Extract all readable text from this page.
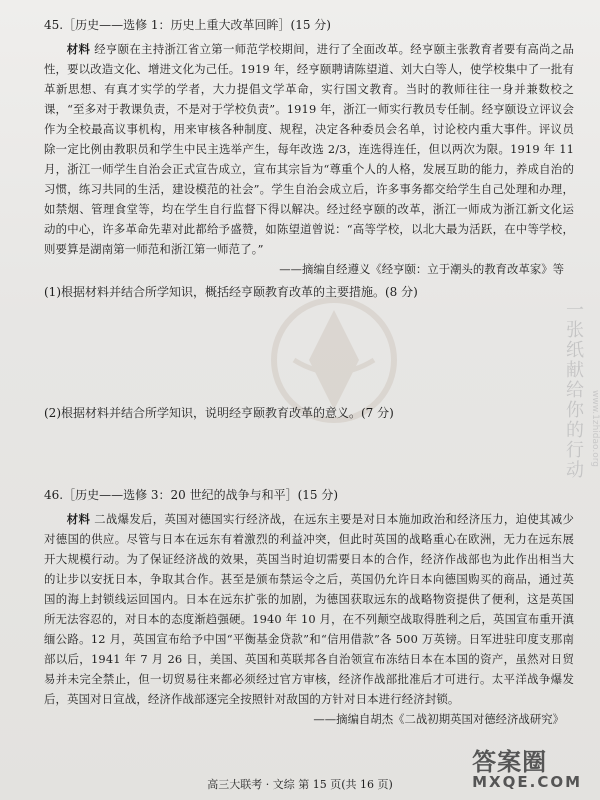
45.［历史——选修 1：历史上重大改革回眸］(15 分)

材料 经亨颐在主持浙江省立第一师范学校期间，进行了全面改革。经亨颐主张教育者要有高尚之品性，要以改造文化、增进文化为己任。1919 年，经亨颐聘请陈望道、刘大白等人，使学校集中了一批有革新思想、有真才实学的学者，大力提倡文学革命，实行国文教育。当时的教师往往一身并兼数校之课，“至多对于教课负责，不是对于学校负责”。1919 年，浙江一师实行教员专任制。经亨颐设立评议会作为全校最高议事机构，用来审核各种制度、规程，决定各种委员会名单，讨论校内重大事件。评议员除一定比例由教职员和学生中民主选举产生，每年改选 2/3，连选得连任，但以两次为限。1919 年 11 月，浙江一师学生自治会正式宣告成立，宣布其宗旨为“尊重个人的人格，发展互助的能力，养成自治的习惯，练习共同的生活，建设模范的社会”。学生自治会成立后，许多事务都交给学生自己处理和办理，如禁烟、管理食堂等，均在学生自行监督下得以解决。经过经亨颐的改革，浙江一师成为浙江新文化运动的中心，许多革命先辈对此都给予盛赞，如陈望道曾说：“高等学校，以北大最为活跃，在中等学校，则要算是湖南第一师范和浙江第一师范了。”

——摘编自经遵义《经亨颐：立于潮头的教育改革家》等

(1)根据材料并结合所学知识，概括经亨颐教育改革的主要措施。(8 分)

一张纸献给你的行动 www.1zhidao.org

(2)根据材料并结合所学知识，说明经亨颐教育改革的意义。(7 分)

46.［历史——选修 3：20 世纪的战争与和平］(15 分)

材料 二战爆发后，英国对德国实行经济战，在远东主要是对日本施加政治和经济压力，迫使其减少对德国的供应。尽管与日本在远东有着激烈的利益冲突，但此时英国的战略重心在欧洲，无力在远东展开大规模行动。为了保证经济战的效果，英国当时迫切需要日本的合作，经济作战部也为此作出相当大的让步以安抚日本，争取其合作。甚至是颁布禁运令之后，英国仍允许日本向德国购买的商品，通过英国的海上封锁线运回国内。日本在远东扩张的加剧，为德国获取远东的战略物资提供了便利，这是英国所无法容忍的，对日本的态度渐趋强硬。1940 年 10 月，在不列颠空战取得胜利之后，英国宣布重开滇缅公路。12 月，英国宣布给予中国“平衡基金贷款”和“信用借款”各 500 万英镑。日军进驻印度支那南部以后，1941 年 7 月 26 日，美国、英国和英联邦各自治领宣布冻结日本在本国的资产，虽然对日贸易并未完全禁止，但一切贸易往来都必须经过官方审核，经济作战部批准后才可进行。太平洋战争爆发后，英国对日宣战，经济作战部逐完全按照针对敌国的方针对日本进行经济封锁。

——摘编自胡杰《二战初期英国对德经济战研究》

高三大联考 · 文综 第 15 页(共 16 页)
答案圈
MXQE.COM
